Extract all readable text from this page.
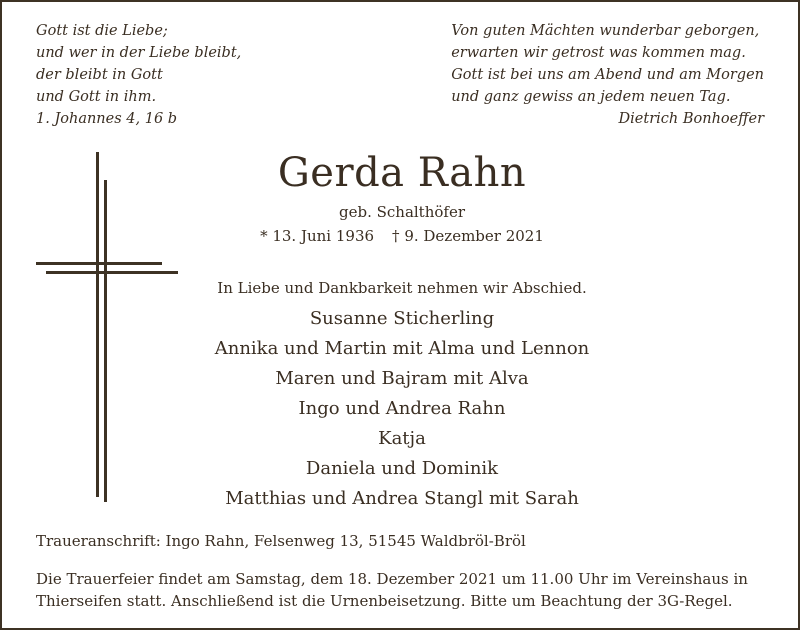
Gott ist die Liebe;
und wer in der Liebe bleibt,
der bleibt in Gott
und Gott in ihm.
1. Johannes 4, 16 b
Von guten Mächten wunderbar geborgen,
erwarten wir getrost was kommen mag.
Gott ist bei uns am Abend und am Morgen
und ganz gewiss an jedem neuen Tag.
Dietrich Bonhoeffer
Gerda Rahn
geb. Schalthöfer
* 13. Juni 1936 † 9. Dezember 2021
In Liebe und Dankbarkeit nehmen wir Abschied.
Susanne Sticherling
Annika und Martin mit Alma und Lennon
Maren und Bajram mit Alva
Ingo und Andrea Rahn
Katja
Daniela und Dominik
Matthias und Andrea Stangl mit Sarah
Traueranschrift: Ingo Rahn, Felsenweg 13, 51545 Waldbröl-Bröl
Die Trauerfeier findet am Samstag, dem 18. Dezember 2021 um 11.00 Uhr im Vereinshaus in
Thierseifen statt. Anschließend ist die Urnenbeisetzung. Bitte um Beachtung der 3G-Regel.
